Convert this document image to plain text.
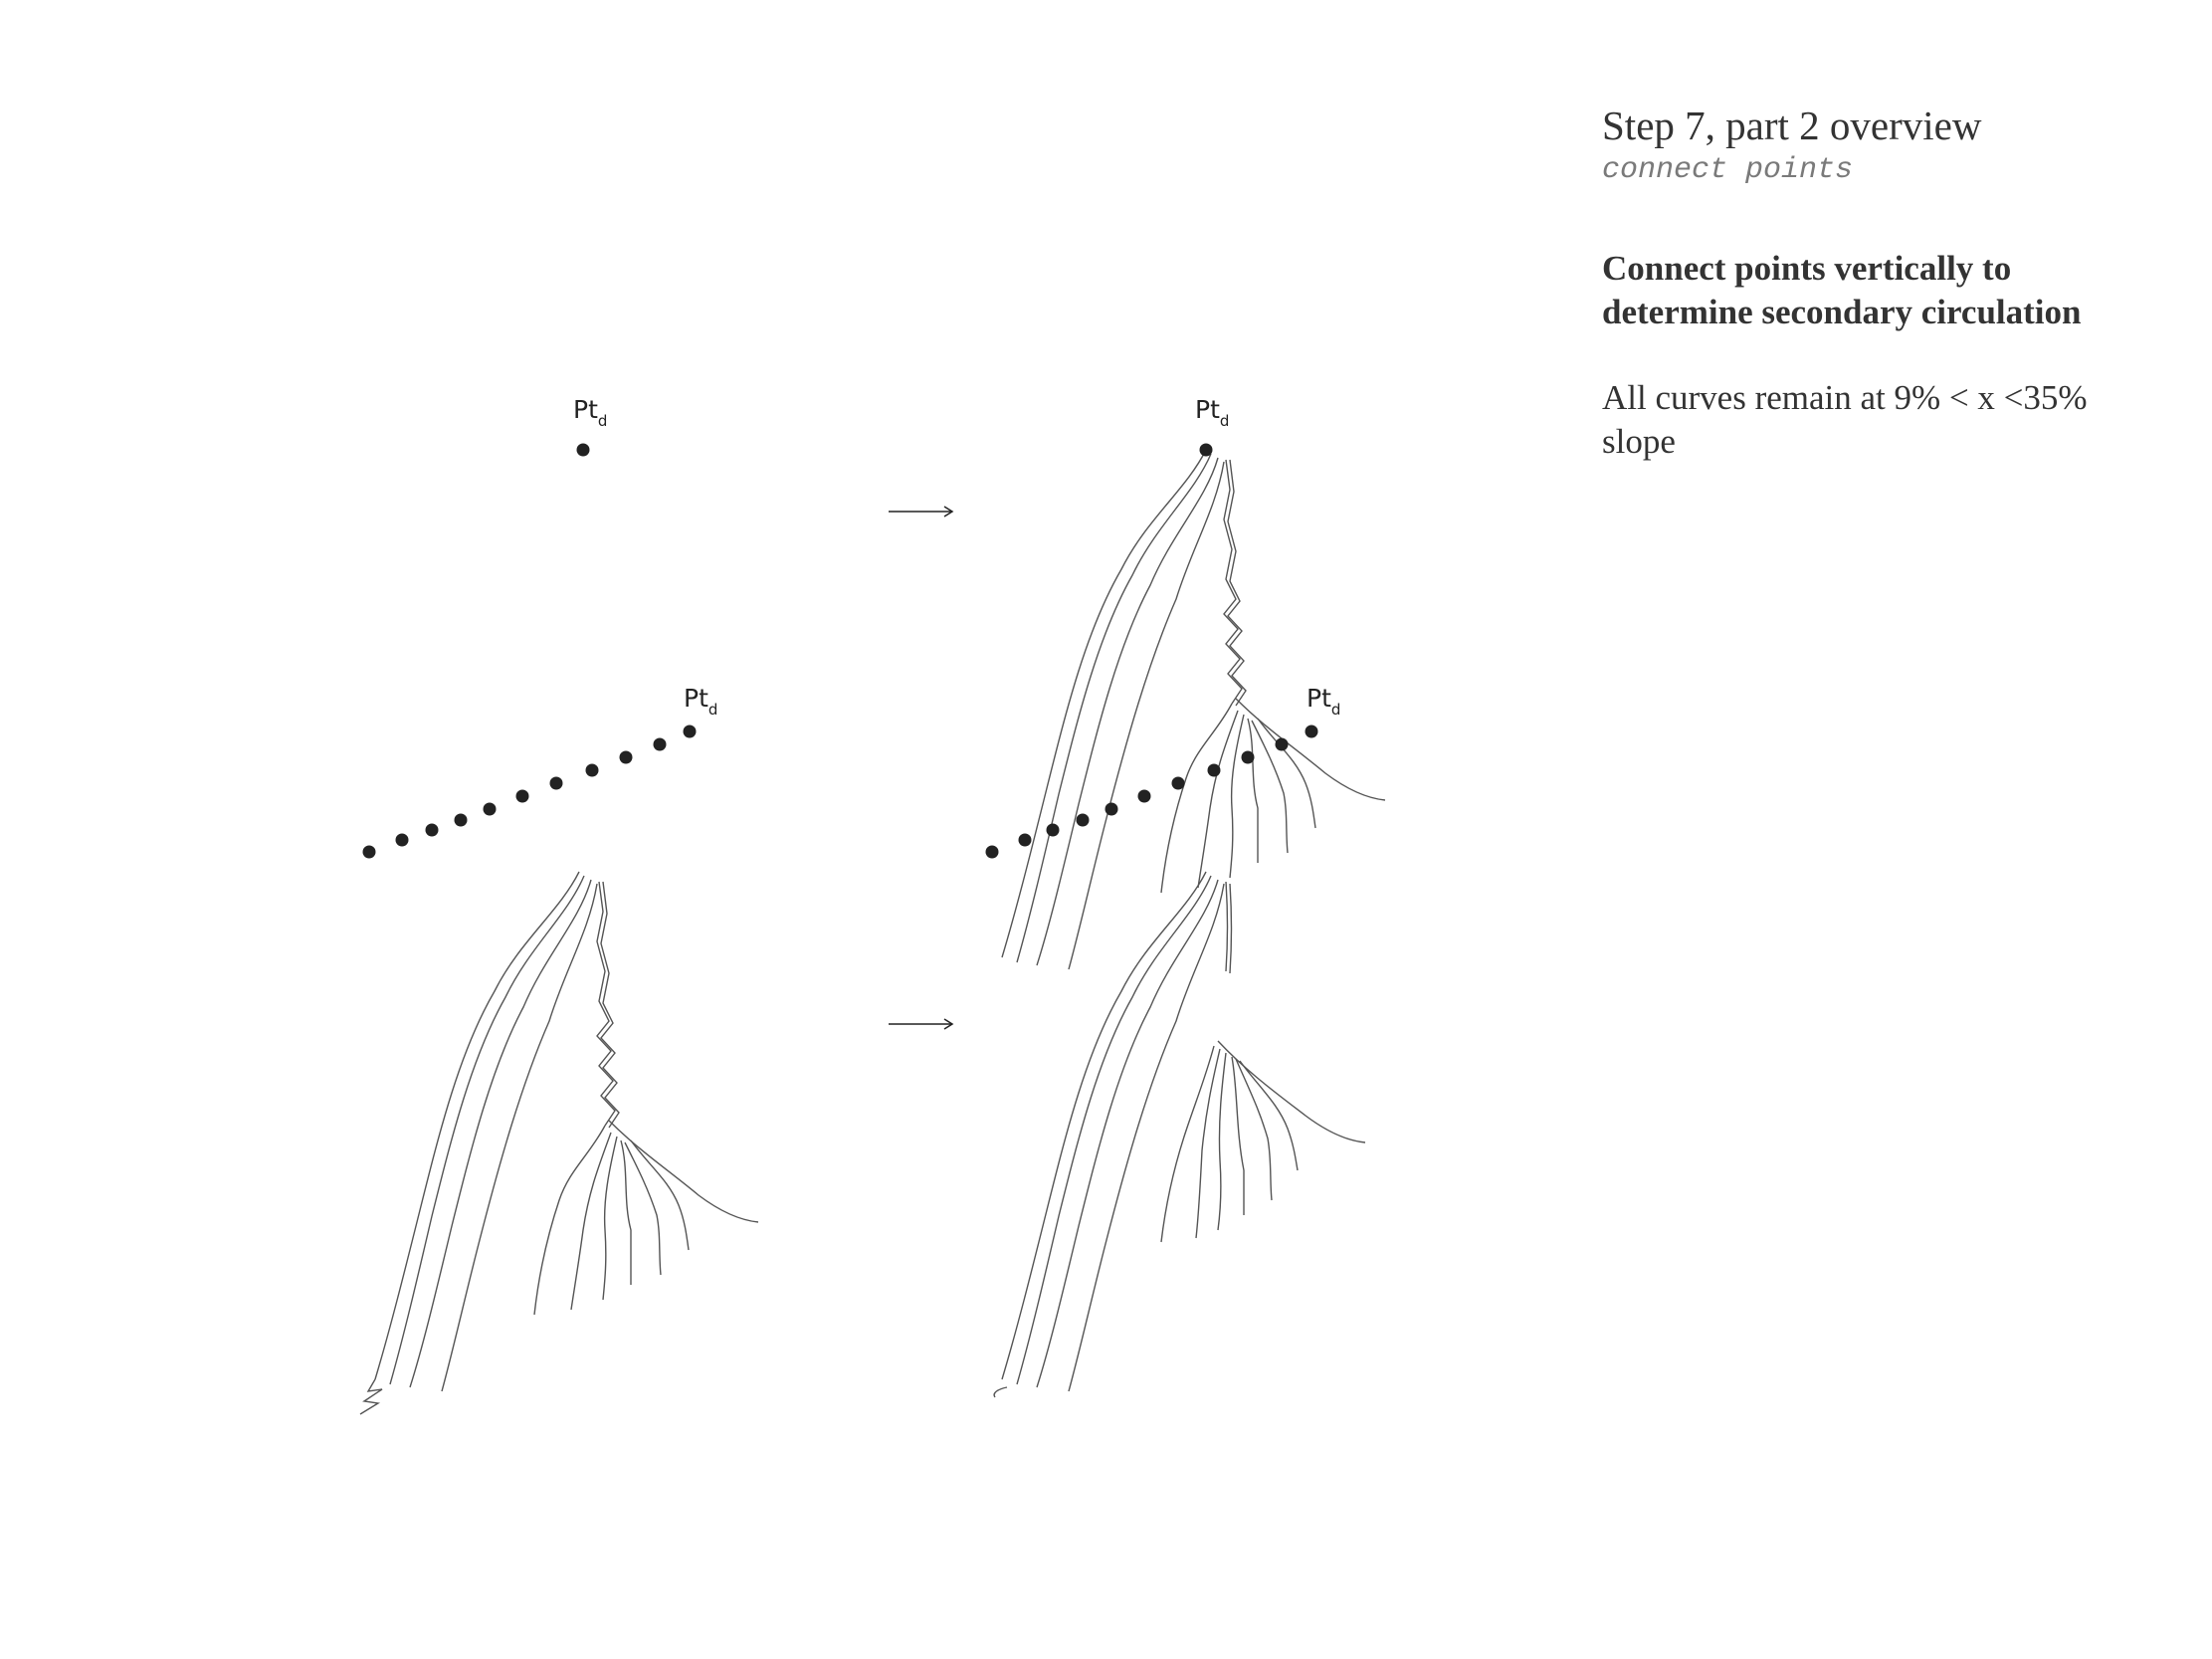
$Pt_d$
$Pt_d$
$Pt_d$
$Pt_d$
Step 7, part 2 overview
connect points
Connect points vertically to determine secondary circulation
All curves remain at 9% < x <35% slope
